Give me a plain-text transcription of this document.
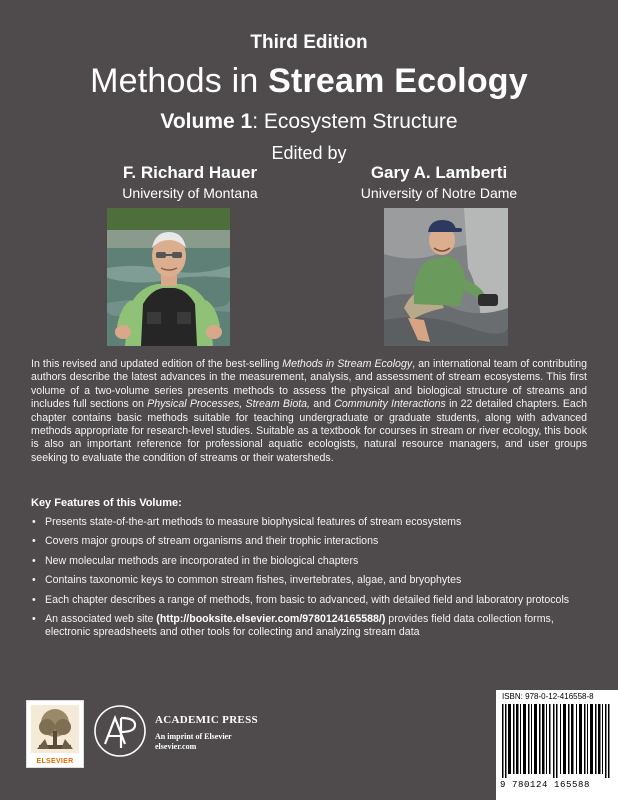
Third Edition
Methods in Stream Ecology
Volume 1: Ecosystem Structure
Edited by
F. Richard Hauer
University of Montana
Gary A. Lamberti
University of Notre Dame
In this revised and updated edition of the best-selling Methods in Stream Ecology, an international team of contributing authors describe the latest advances in the measurement, analysis, and assessment of stream ecosystems. This first volume of a two-volume series presents methods to assess the physical and biological structure of streams and includes full sections on Physical Processes, Stream Biota, and Community Interactions in 22 detailed chapters. Each chapter contains basic methods suitable for teaching undergraduate or graduate students, along with advanced methods appropriate for research-level studies. Suitable as a textbook for courses in stream or river ecology, this book is also an important reference for professional aquatic ecologists, natural resource managers, and user groups seeking to evaluate the condition of streams or their watersheds.
Key Features of this Volume:
• Presents state-of-the-art methods to measure biophysical features of stream ecosystems
• Covers major groups of stream organisms and their trophic interactions
• New molecular methods are incorporated in the biological chapters
• Contains taxonomic keys to common stream fishes, invertebrates, algae, and bryophytes
• Each chapter describes a range of methods, from basic to advanced, with detailed field and laboratory protocols
• An associated web site (http://booksite.elsevier.com/9780124165588/) provides field data collection forms, electronic spreadsheets and other tools for collecting and analyzing stream data
ELSEVIER
ACADEMIC PRESS
An imprint of Elsevier
elsevier.com
ISBN: 978-0-12-416558-8
9 780124 165588
